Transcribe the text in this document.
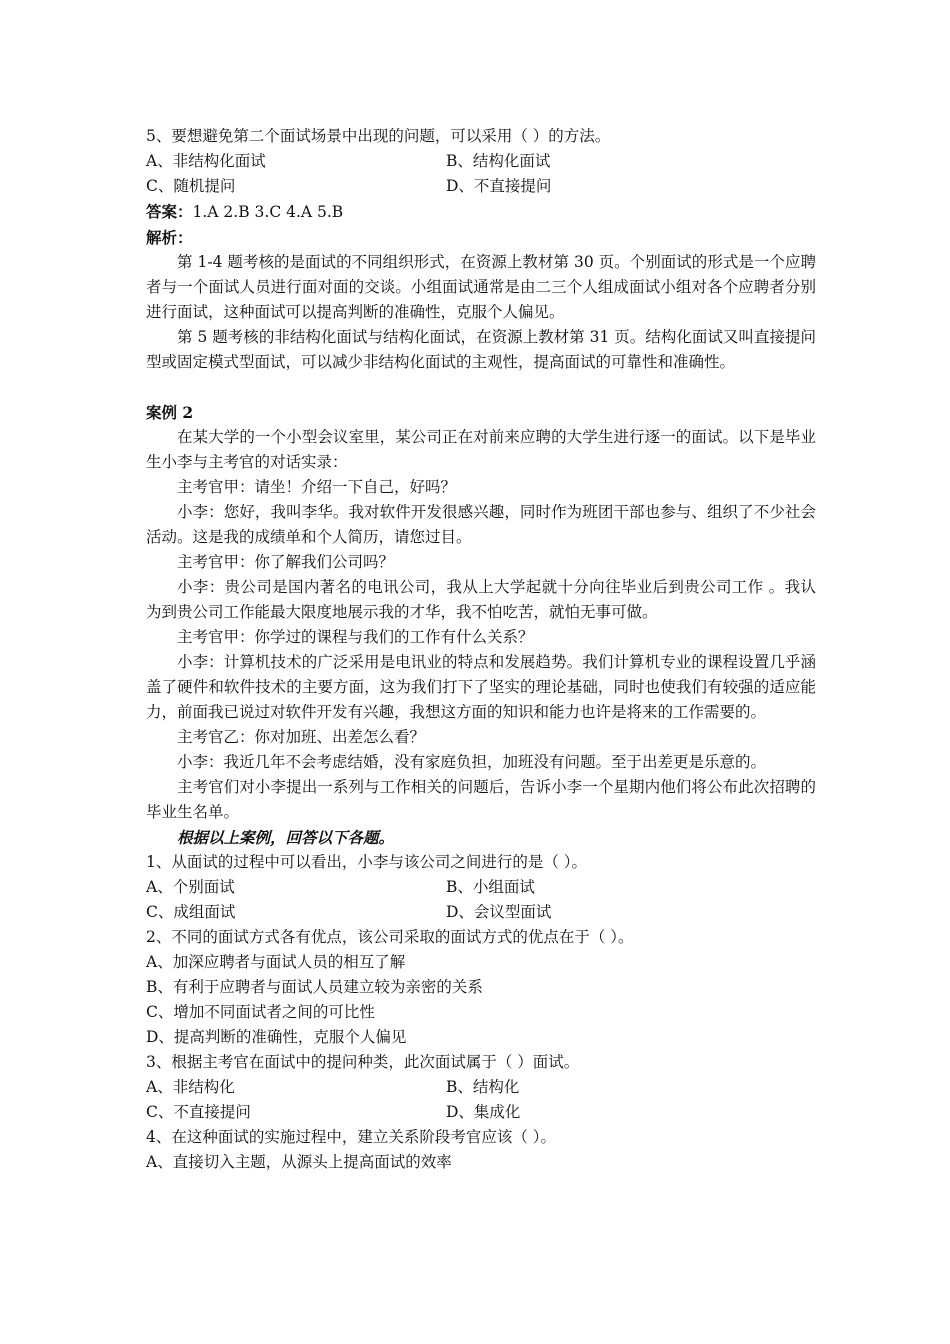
5、要想避免第二个面试场景中出现的问题，可以采用（ ）的方法。

A、非结构化面试	B、结构化面试
C、随机提问	D、不直接提问

答案：1.A 2.B 3.C 4.A 5.B

解析：

第 1-4 题考核的是面试的不同组织形式，在资源上教材第 30 页。个别面试的形式是一个应聘者与一个面试人员进行面对面的交谈。小组面试通常是由二三个人组成面试小组对各个应聘者分别进行面试，这种面试可以提高判断的准确性，克服个人偏见。

第 5 题考核的非结构化面试与结构化面试，在资源上教材第 31 页。结构化面试又叫直接提问型或固定模式型面试，可以减少非结构化面试的主观性，提高面试的可靠性和准确性。

案例 2

在某大学的一个小型会议室里，某公司正在对前来应聘的大学生进行逐一的面试。以下是毕业生小李与主考官的对话实录：

主考官甲：请坐！介绍一下自己，好吗？

小李：您好，我叫李华。我对软件开发很感兴趣，同时作为班团干部也参与、组织了不少社会活动。这是我的成绩单和个人简历，请您过目。

主考官甲：你了解我们公司吗？

小李：贵公司是国内著名的电讯公司，我从上大学起就十分向往毕业后到贵公司工作 。我认为到贵公司工作能最大限度地展示我的才华，我不怕吃苦，就怕无事可做。

主考官甲：你学过的课程与我们的工作有什么关系？

小李：计算机技术的广泛采用是电讯业的特点和发展趋势。我们计算机专业的课程设置几乎涵盖了硬件和软件技术的主要方面，这为我们打下了坚实的理论基础，同时也使我们有较强的适应能力，前面我已说过对软件开发有兴趣，我想这方面的知识和能力也许是将来的工作需要的。

主考官乙：你对加班、出差怎么看？

小李：我近几年不会考虑结婚，没有家庭负担，加班没有问题。至于出差更是乐意的。

主考官们对小李提出一系列与工作相关的问题后，告诉小李一个星期内他们将公布此次招聘的毕业生名单。

根据以上案例，回答以下各题。

1、从面试的过程中可以看出，小李与该公司之间进行的是（ ）。

A、个别面试	B、小组面试
C、成组面试	D、会议型面试

2、不同的面试方式各有优点，该公司采取的面试方式的优点在于（ ）。

A、加深应聘者与面试人员的相互了解

B、有利于应聘者与面试人员建立较为亲密的关系

C、增加不同面试者之间的可比性

D、提高判断的准确性，克服个人偏见

3、根据主考官在面试中的提问种类，此次面试属于（ ）面试。

A、非结构化	B、结构化
C、不直接提问	D、集成化

4、在这种面试的实施过程中，建立关系阶段考官应该（ ）。

A、直接切入主题，从源头上提高面试的效率
